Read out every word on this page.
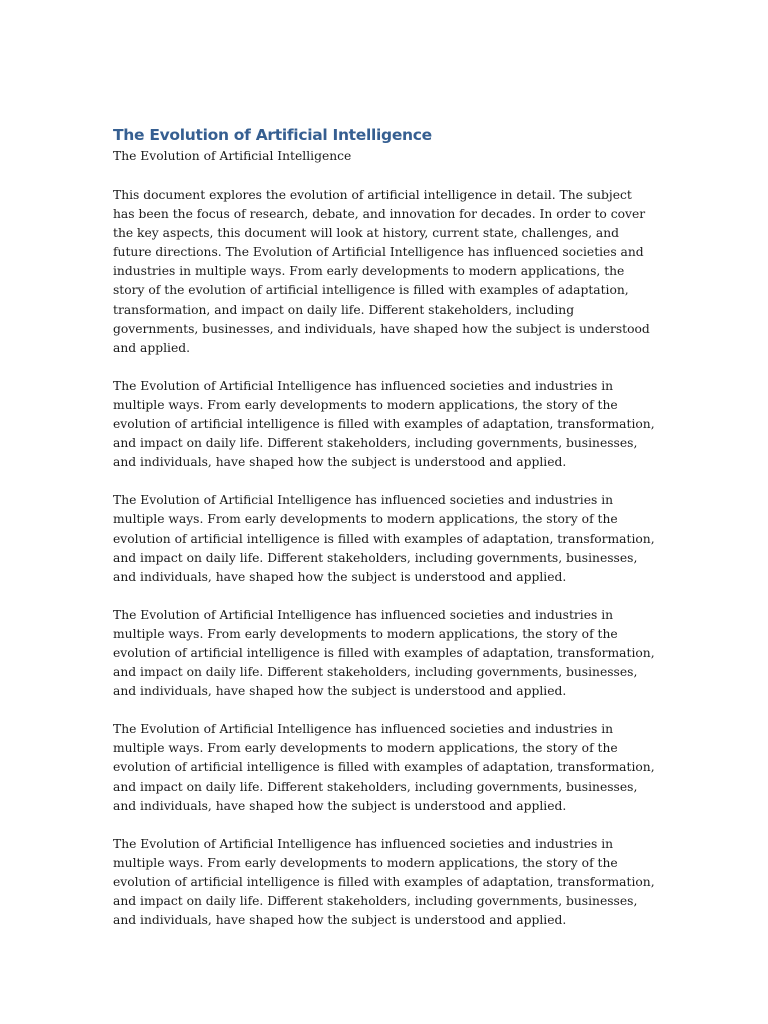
The Evolution of Artificial Intelligence

The Evolution of Artificial Intelligence

This document explores the evolution of artificial intelligence in detail. The subject has been the focus of research, debate, and innovation for decades. In order to cover the key aspects, this document will look at history, current state, challenges, and future directions. The Evolution of Artificial Intelligence has influenced societies and industries in multiple ways. From early developments to modern applications, the story of the evolution of artificial intelligence is filled with examples of adaptation, transformation, and impact on daily life. Different stakeholders, including governments, businesses, and individuals, have shaped how the subject is understood and applied.

The Evolution of Artificial Intelligence has influenced societies and industries in multiple ways. From early developments to modern applications, the story of the evolution of artificial intelligence is filled with examples of adaptation, transformation, and impact on daily life. Different stakeholders, including governments, businesses, and individuals, have shaped how the subject is understood and applied.

The Evolution of Artificial Intelligence has influenced societies and industries in multiple ways. From early developments to modern applications, the story of the evolution of artificial intelligence is filled with examples of adaptation, transformation, and impact on daily life. Different stakeholders, including governments, businesses, and individuals, have shaped how the subject is understood and applied.

The Evolution of Artificial Intelligence has influenced societies and industries in multiple ways. From early developments to modern applications, the story of the evolution of artificial intelligence is filled with examples of adaptation, transformation, and impact on daily life. Different stakeholders, including governments, businesses, and individuals, have shaped how the subject is understood and applied.

The Evolution of Artificial Intelligence has influenced societies and industries in multiple ways. From early developments to modern applications, the story of the evolution of artificial intelligence is filled with examples of adaptation, transformation, and impact on daily life. Different stakeholders, including governments, businesses, and individuals, have shaped how the subject is understood and applied.

The Evolution of Artificial Intelligence has influenced societies and industries in multiple ways. From early developments to modern applications, the story of the evolution of artificial intelligence is filled with examples of adaptation, transformation, and impact on daily life. Different stakeholders, including governments, businesses, and individuals, have shaped how the subject is understood and applied.
